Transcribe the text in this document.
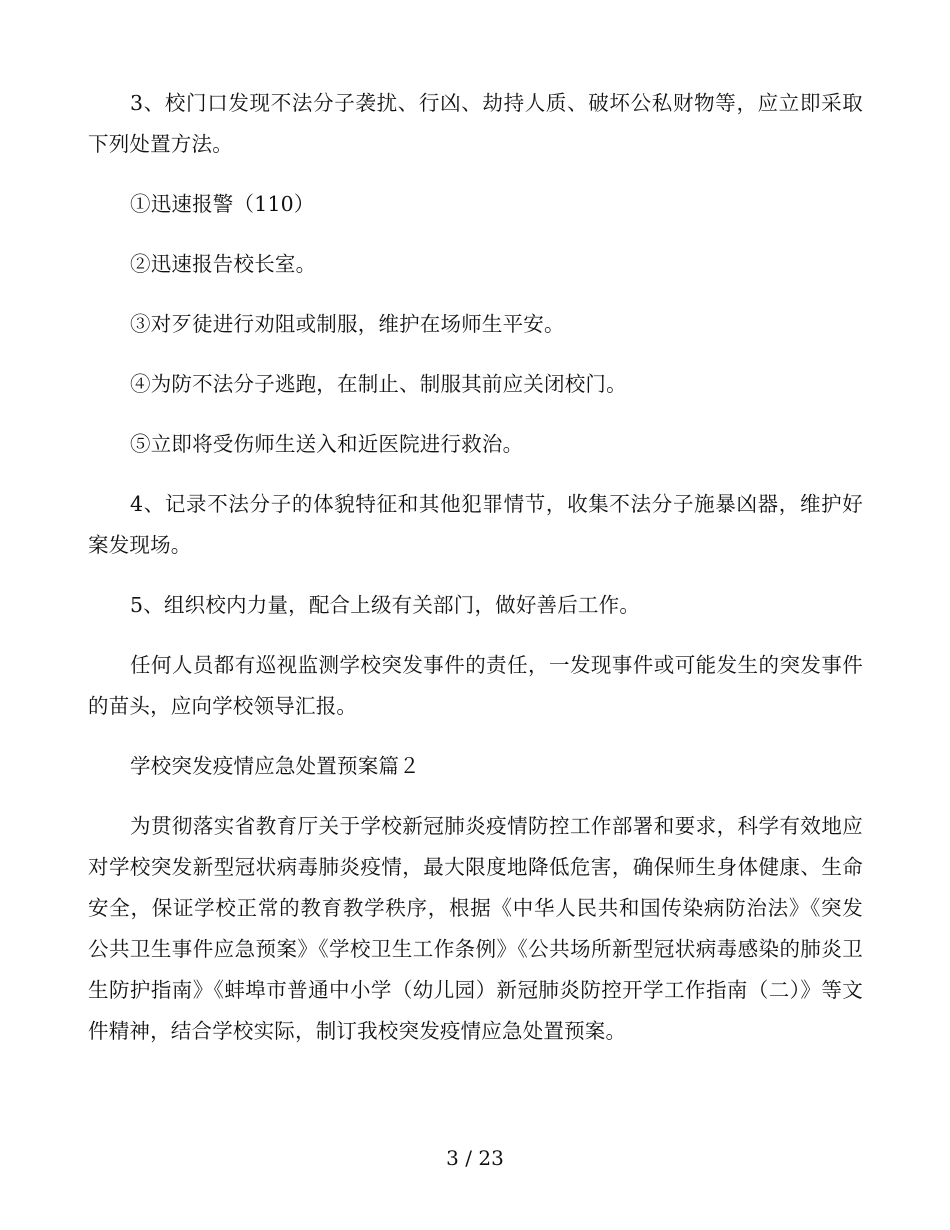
3、校门口发现不法分子袭扰、行凶、劫持人质、破坏公私财物等，应立即采取下列处置方法。

①迅速报警（110）

②迅速报告校长室。

③对歹徒进行劝阻或制服，维护在场师生平安。

④为防不法分子逃跑，在制止、制服其前应关闭校门。

⑤立即将受伤师生送入和近医院进行救治。

4、记录不法分子的体貌特征和其他犯罪情节，收集不法分子施暴凶器，维护好案发现场。

5、组织校内力量，配合上级有关部门，做好善后工作。

任何人员都有巡视监测学校突发事件的责任，一发现事件或可能发生的突发事件的苗头，应向学校领导汇报。

学校突发疫情应急处置预案篇２

为贯彻落实省教育厅关于学校新冠肺炎疫情防控工作部署和要求，科学有效地应对学校突发新型冠状病毒肺炎疫情，最大限度地降低危害，确保师生身体健康、生命安全，保证学校正常的教育教学秩序，根据《中华人民共和国传染病防治法》《突发公共卫生事件应急预案》《学校卫生工作条例》《公共场所新型冠状病毒感染的肺炎卫生防护指南》《蚌埠市普通中小学（幼儿园）新冠肺炎防控开学工作指南（二）》等文件精神，结合学校实际，制订我校突发疫情应急处置预案。

3 / 23
